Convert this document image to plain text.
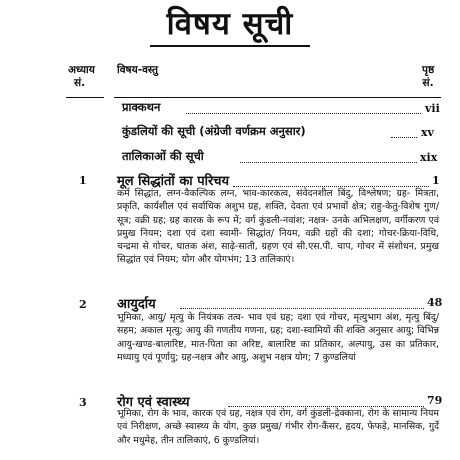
विषय सूची
अध्याय
सं.
विषय-वस्तु	पृष्ठ
सं.
प्राक्कथन	vii
कुंडलियों की सूची (अंग्रेजी वर्णक्रम अनुसार)	xv
तालिकाओं की सूची	xix
1 मूल सिद्धांतों का परिचय	1

कर्म सिद्धांत, लग्न-वैकल्पिक लग्न, भाव-कारकत्व, संवेदनशील बिंदु, विश्लेषण; ग्रह- मित्रता, प्रकृति, कार्यशील एवं सर्वाधिक अशुभ ग्रह, शक्ति, देवता एवं प्रभावों क्षेत्र; राहु-केतु-विशेष गुण/ सूत्र; वक्री ग्रह; ग्रह कारक के रूप में; वर्ग कुंडली-नवांश; नक्षत्र- उनके अभिलक्षण, वर्गीकरण एवं प्रमुख नियम; दशा एवं दशा स्वामी- सिद्धांत/ नियम, वक्री ग्रहों की दशा; गोचर-क्रिया-विधि, चन्द्रमा से गोचर, घातक अंश, साढ़े-साती, ग्रहण एवं सी.एस.पी. चाप, गोचर में संशोधन, प्रमुख सिद्धांत एवं नियम; योग और योगभंग; 13 तालिकाएं।

2 आयुर्दाय	48

भूमिका, आयु/ मृत्यु के नियंत्रक तत्व- भाव एवं ग्रह; दशा एवं गोचर, मृत्युभाग अंश, मृत्यु बिंदु/ सहम; अकाल मृत्यु; आयु की गणतीय गणना, ग्रह; दशा-स्वामियों की शक्ति अनुसार आयु; विभिन्न आयु-खण्ड-बालारिष्ट, मात-पिता का अरिष्ट, बालारिष्ट का प्रतिकार, अल्पायु, उस का प्रतिकार, मध्यायु एवं पूर्णायु; ग्रह-नक्षत्र और आयु, अशुभ नक्षत्र योग; 7 कुण्डलियां

3 रोग एवं स्वास्थ्य	79

भूमिका, रोग के भाव, कारक एवं ग्रह, नक्षत्र एवं रोग, वर्ग कुंडली-द्रेक्काना, रोग के सामान्य नियम एवं निरीक्षण, अच्छे स्वास्थ्य के योग, कुछ प्रमुख/ गंभीर रोग-कैंसर, हृदय, फेफड़े, मानसिक, गुर्दे और मधुमेह, तीन तालिकाएं, 6 कुण्डलियां।
